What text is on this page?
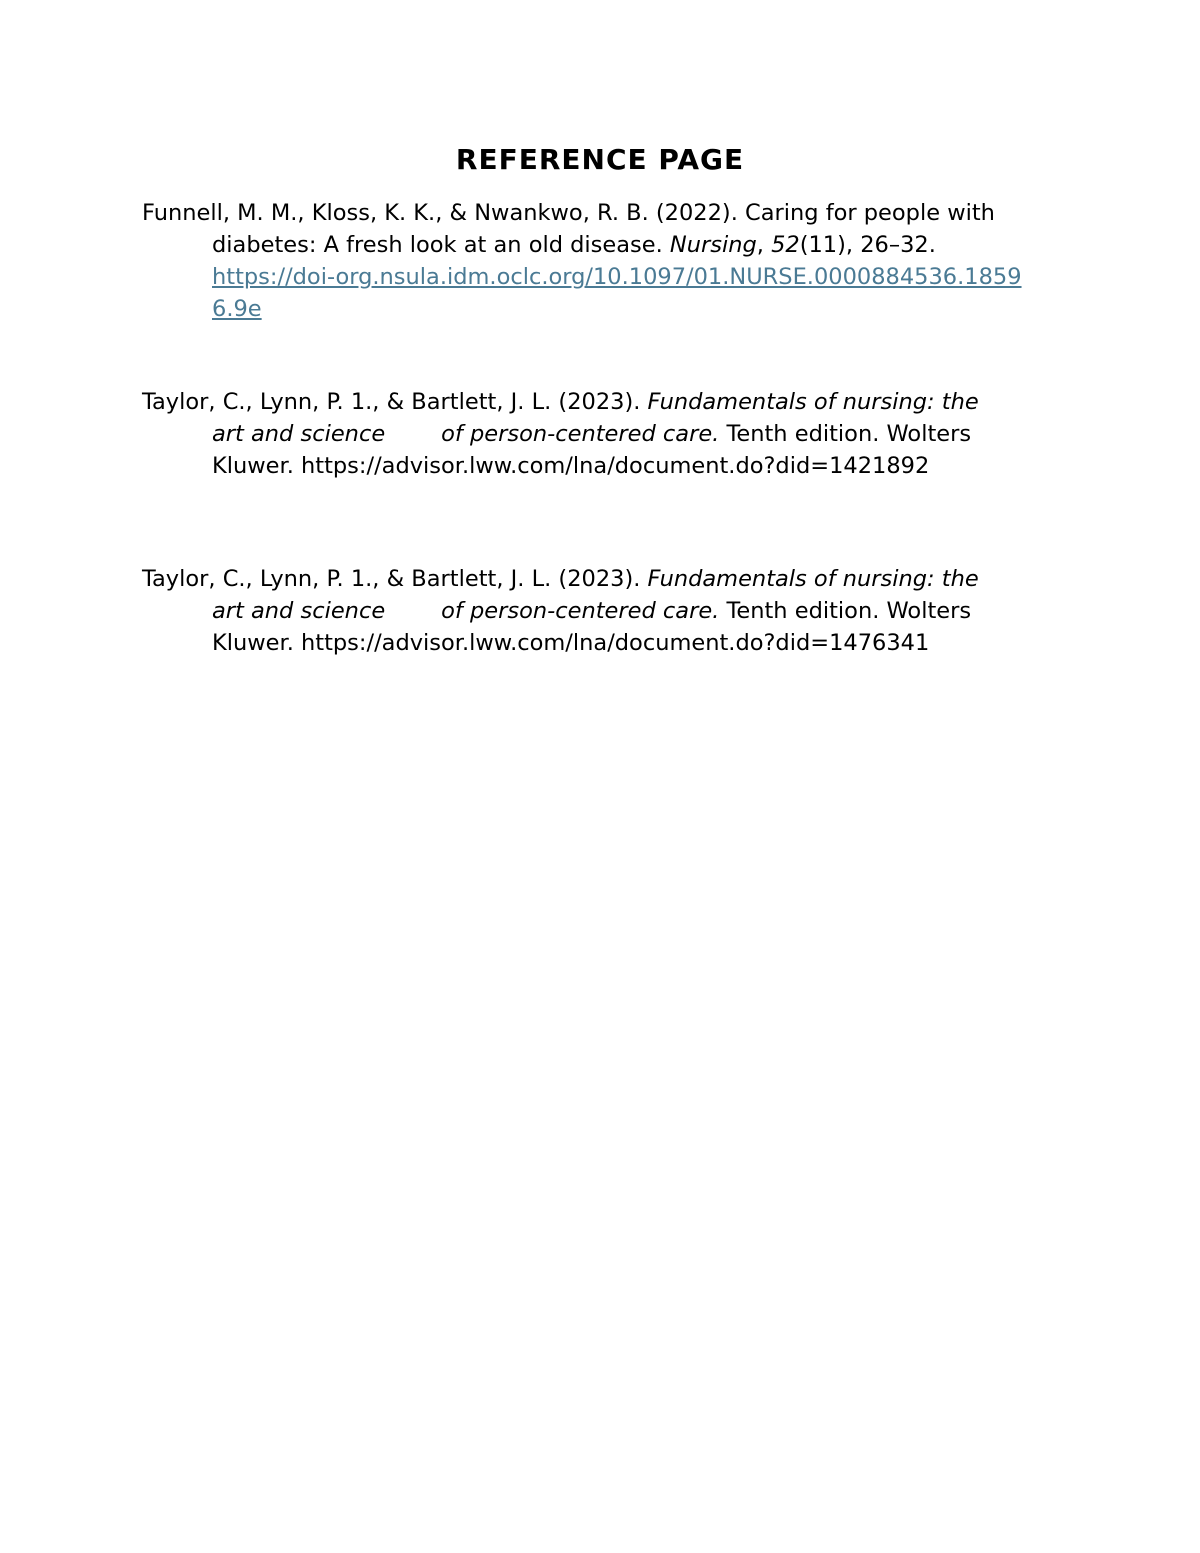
REFERENCE PAGE

Funnell, M. M., Kloss, K. K., & Nwankwo, R. B. (2022). Caring for people with
diabetes: A fresh look at an old disease. Nursing, 52(11), 26–32.
https://doi-org.nsula.idm.oclc.org/10.1097/01.NURSE.0000884536.1859
6.9e

Taylor, C., Lynn, P. 1., & Bartlett, J. L. (2023). Fundamentals of nursing: the
art and science of person-centered care. Tenth edition. Wolters
Kluwer. https://advisor.lww.com/lna/document.do?did=1421892

Taylor, C., Lynn, P. 1., & Bartlett, J. L. (2023). Fundamentals of nursing: the
art and science of person-centered care. Tenth edition. Wolters
Kluwer. https://advisor.lww.com/lna/document.do?did=1476341
